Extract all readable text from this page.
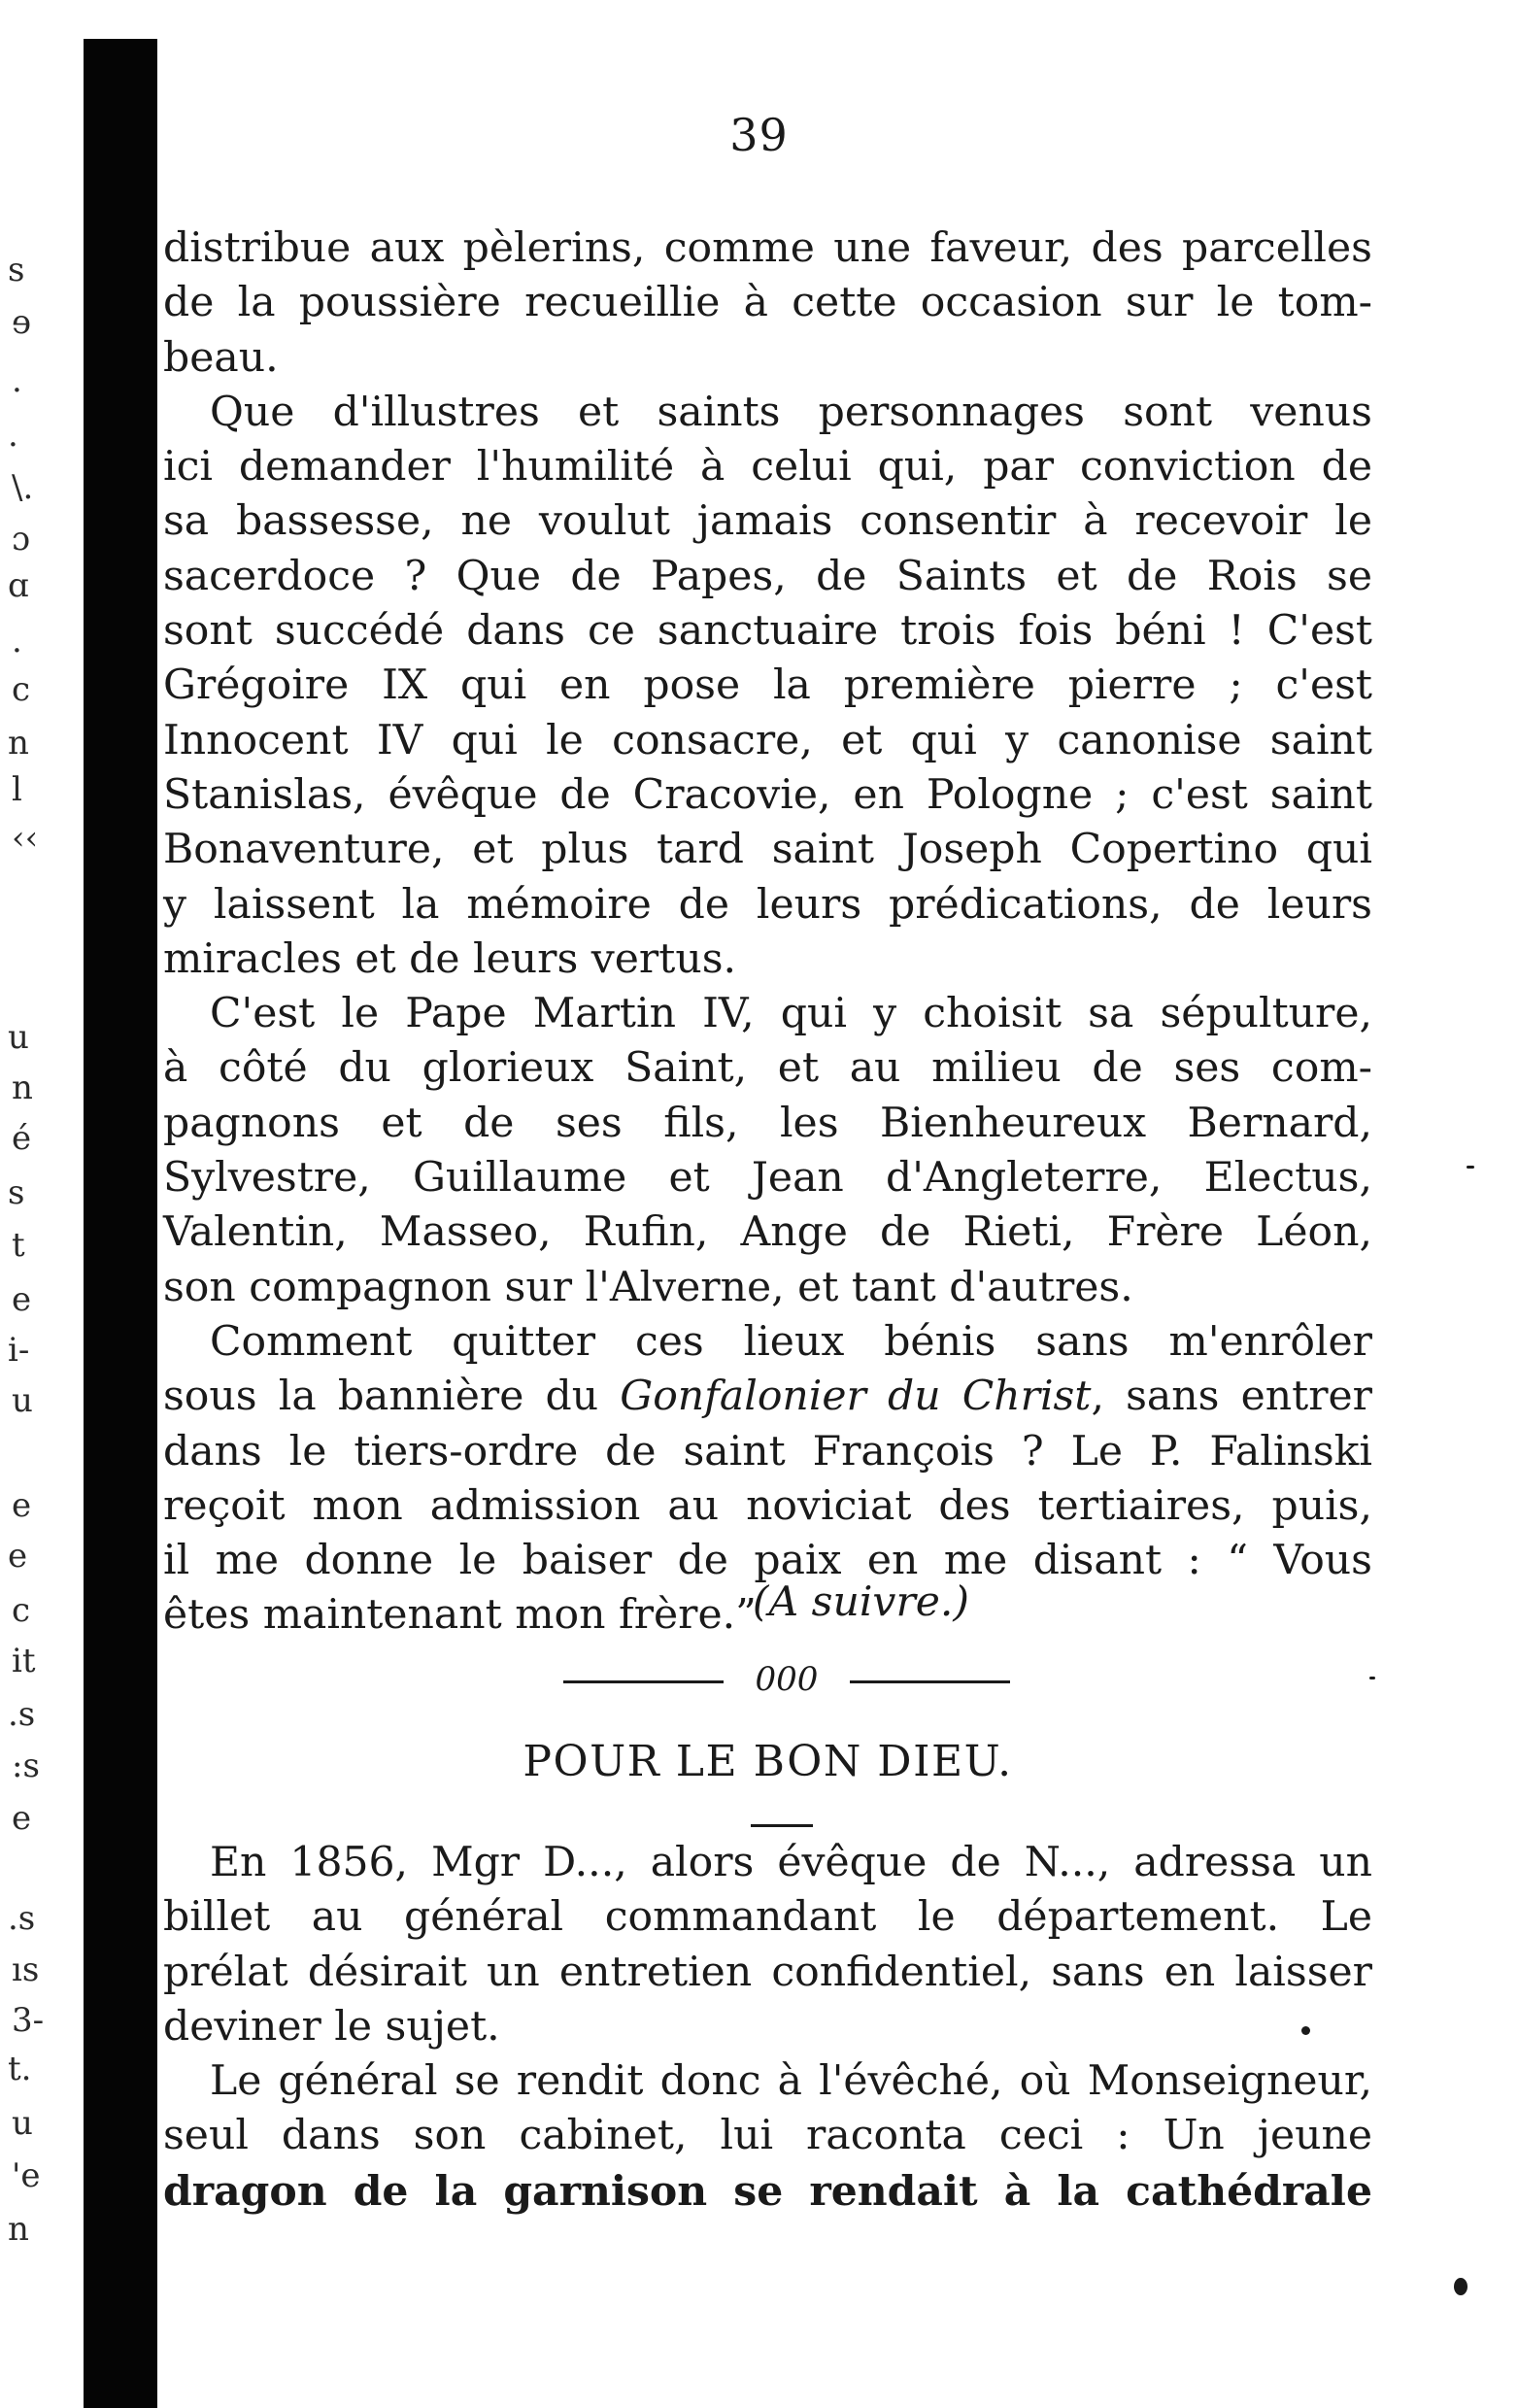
s
ɘ
.
.
\.
ɔ
ɑ
.
c
n
l
‹‹
u
n
é
s
t
e
i-
u
e
e
c
it
.s
:s
e
.s
ıs
3-
t.
u
'e
n
39
distribue aux pèlerins, comme une faveur, des parcelles
de la poussière recueillie à cette occasion sur le tom-
beau.
Que d'illustres et saints personnages sont venus
ici demander l'humilité à celui qui, par conviction de
sa bassesse, ne voulut jamais consentir à recevoir le
sacerdoce ? Que de Papes, de Saints et de Rois se
sont succédé dans ce sanctuaire trois fois béni ! C'est
Grégoire IX qui en pose la première pierre ; c'est
Innocent IV qui le consacre, et qui y canonise saint
Stanislas, évêque de Cracovie, en Pologne ; c'est saint
Bonaventure, et plus tard saint Joseph Copertino qui
y laissent la mémoire de leurs prédications, de leurs
miracles et de leurs vertus.
C'est le Pape Martin IV, qui y choisit sa sépulture,
à côté du glorieux Saint, et au milieu de ses com-
pagnons et de ses fils, les Bienheureux Bernard,
Sylvestre, Guillaume et Jean d'Angleterre, Electus,
Valentin, Masseo, Rufin, Ange de Rieti, Frère Léon,
son compagnon sur l'Alverne, et tant d'autres.
Comment quitter ces lieux bénis sans m'enrôler
sous la bannière du Gonfalonier du Christ, sans entrer
dans le tiers-ordre de saint François ? Le P. Falinski
reçoit mon admission au noviciat des tertiaires, puis,
il me donne le baiser de paix en me disant : “ Vous
êtes maintenant mon frère.”
(A suivre.)
000
POUR LE BON DIEU.
En 1856, Mgr D..., alors évêque de N..., adressa un
billet au général commandant le département. Le
prélat désirait un entretien confidentiel, sans en laisser
deviner le sujet.
Le général se rendit donc à l'évêché, où Monseigneur,
seul dans son cabinet, lui raconta ceci : Un jeune
dragon de la garnison se rendait à la cathédrale
